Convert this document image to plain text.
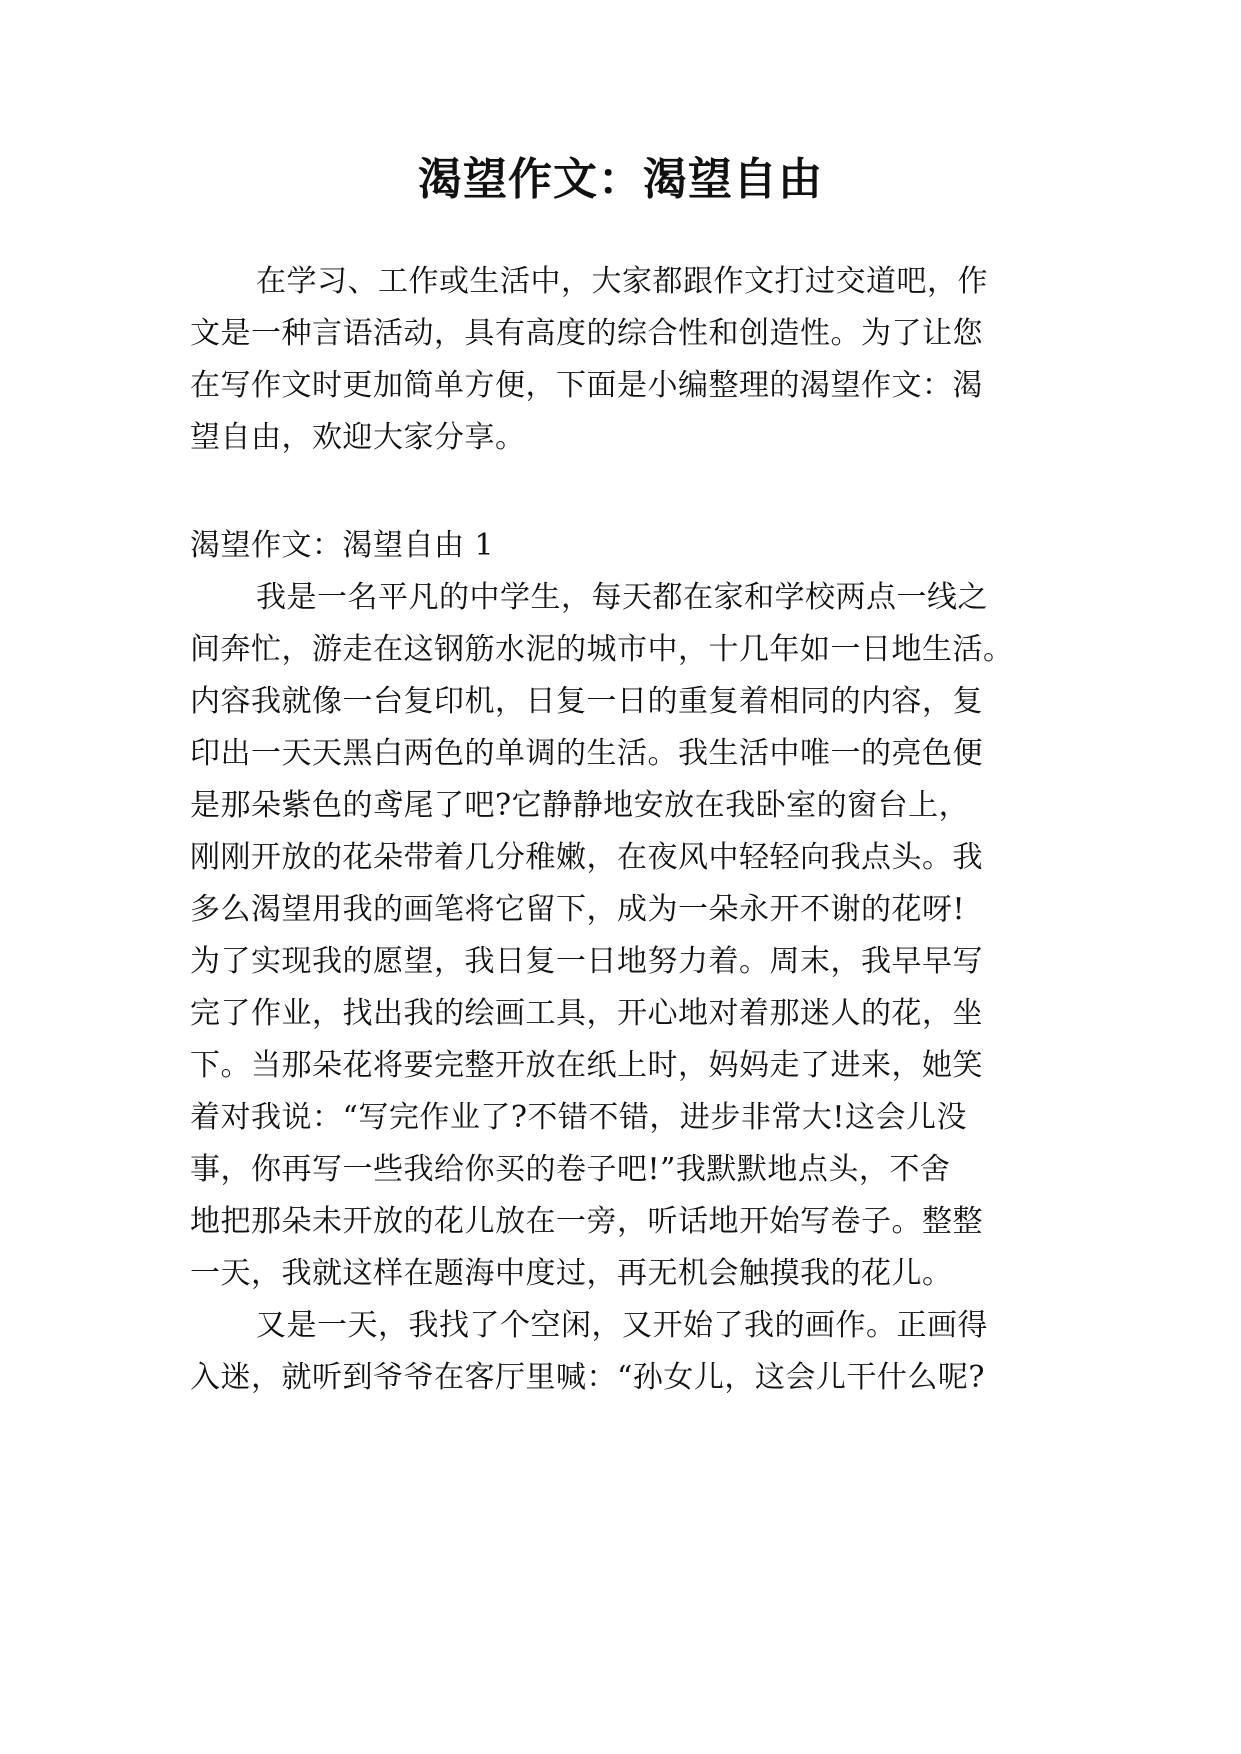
渴望作文：渴望自由
在学习、工作或生活中，大家都跟作文打过交道吧，作
文是一种言语活动，具有高度的综合性和创造性。为了让您
在写作文时更加简单方便，下面是小编整理的渴望作文：渴
望自由，欢迎大家分享。
渴望作文：渴望自由 1
我是一名平凡的中学生，每天都在家和学校两点一线之
间奔忙，游走在这钢筋水泥的城市中，十几年如一日地生活。
内容我就像一台复印机，日复一日的重复着相同的内容，复
印出一天天黑白两色的单调的生活。我生活中唯一的亮色便
是那朵紫色的鸢尾了吧?它静静地安放在我卧室的窗台上，
刚刚开放的花朵带着几分稚嫩，在夜风中轻轻向我点头。我
多么渴望用我的画笔将它留下，成为一朵永开不谢的花呀!
为了实现我的愿望，我日复一日地努力着。周末，我早早写
完了作业，找出我的绘画工具，开心地对着那迷人的花，坐
下。当那朵花将要完整开放在纸上时，妈妈走了进来，她笑
着对我说：“写完作业了?不错不错，进步非常大!这会儿没
事，你再写一些我给你买的卷子吧!”我默默地点头，不舍
地把那朵未开放的花儿放在一旁，听话地开始写卷子。整整
一天，我就这样在题海中度过，再无机会触摸我的花儿。
又是一天，我找了个空闲，又开始了我的画作。正画得
入迷，就听到爷爷在客厅里喊：“孙女儿，这会儿干什么呢?
